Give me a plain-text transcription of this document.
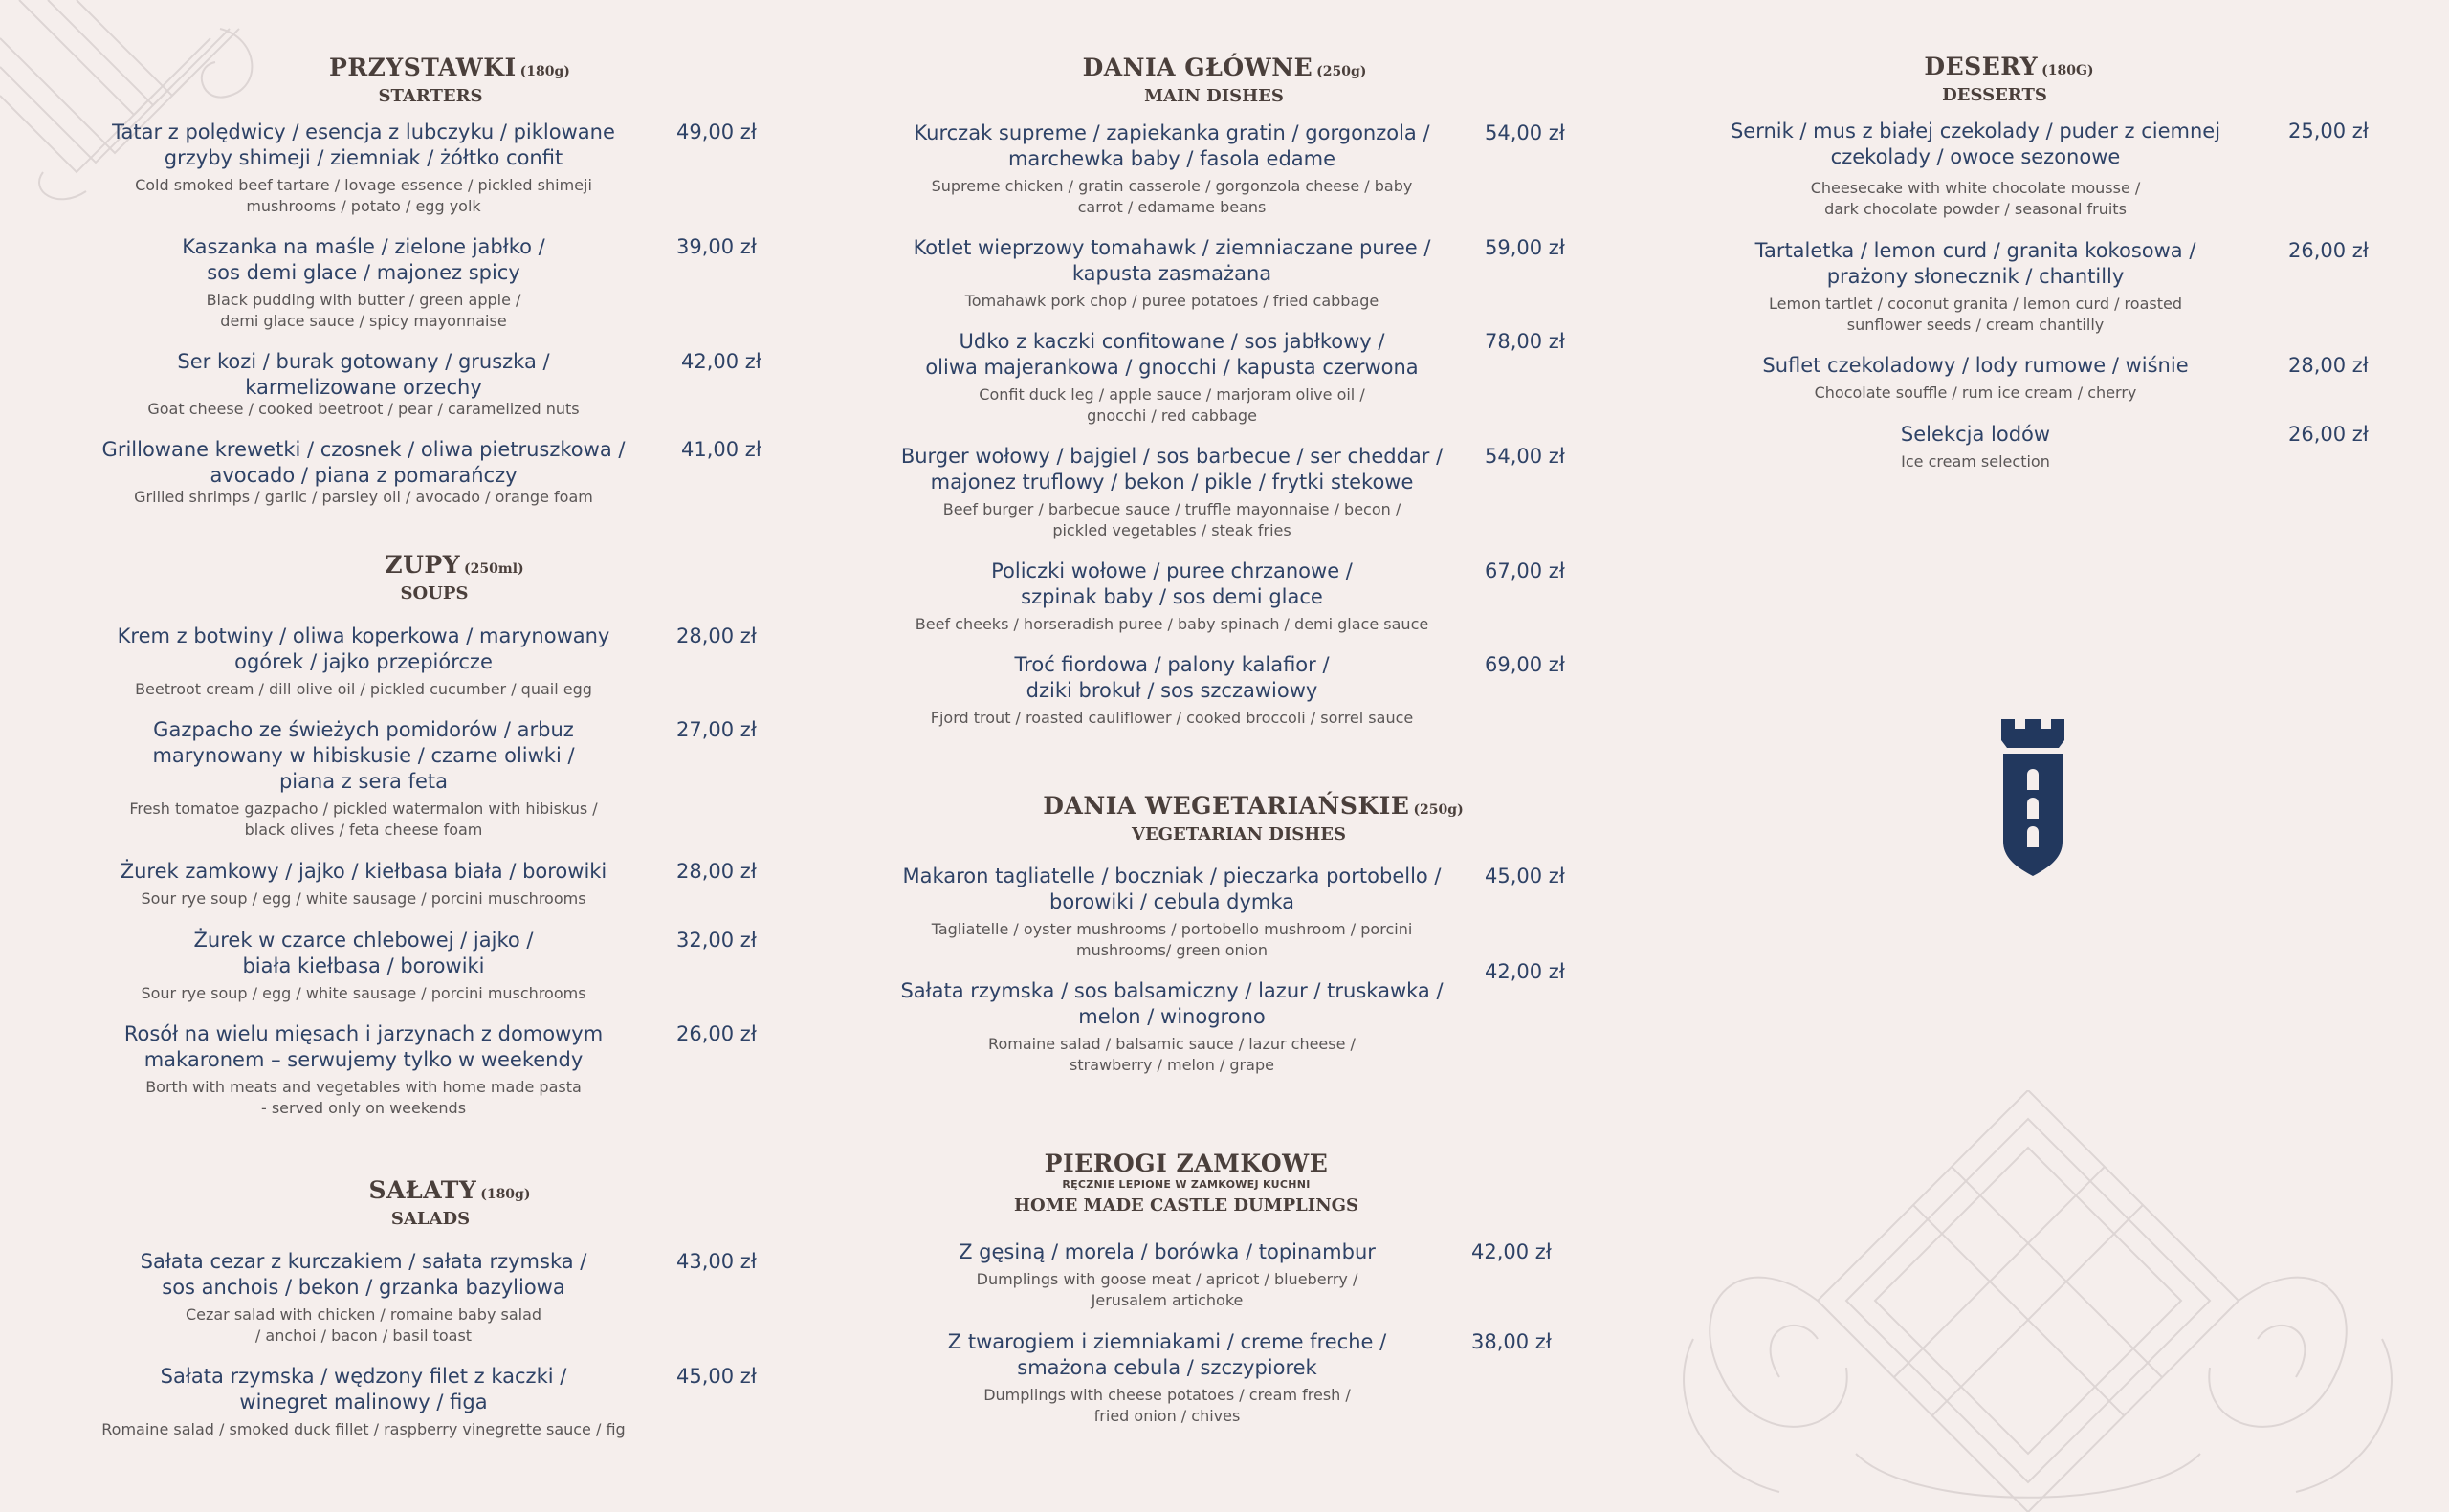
PRZYSTAWKI (180g)
STARTERS
Tatar z polędwicy / esencja z lubczyku / piklowane
grzyby shimeji / ziemniak / żółtko confit
Cold smoked beef tartare / lovage essence / pickled shimeji
mushrooms / potato / egg yolk
49,00 zł
Kaszanka na maśle / zielone jabłko /
sos demi glace / majonez spicy
Black pudding with butter / green apple /
demi glace sauce / spicy mayonnaise
39,00 zł
Ser kozi / burak gotowany / gruszka /
karmelizowane orzechy
Goat cheese / cooked beetroot / pear / caramelized nuts
42,00 zł
Grillowane krewetki / czosnek / oliwa pietruszkowa /
avocado / piana z pomarańczy
Grilled shrimps / garlic / parsley oil / avocado / orange foam
41,00 zł
ZUPY (250ml)
SOUPS
Krem z botwiny / oliwa koperkowa / marynowany
ogórek / jajko przepiórcze
Beetroot cream / dill olive oil / pickled cucumber / quail egg
28,00 zł
Gazpacho ze świeżych pomidorów / arbuz
marynowany w hibiskusie / czarne oliwki /
piana z sera feta
Fresh tomatoe gazpacho / pickled watermalon with hibiskus /
black olives / feta cheese foam
27,00 zł
Żurek zamkowy / jajko / kiełbasa biała / borowiki
Sour rye soup / egg / white sausage / porcini muschrooms
28,00 zł
Żurek w czarce chlebowej / jajko /
biała kiełbasa / borowiki
Sour rye soup / egg / white sausage / porcini muschrooms
32,00 zł
Rosół na wielu mięsach i jarzynach z domowym
makaronem – serwujemy tylko w weekendy
Borth with meats and vegetables with home made pasta
- served only on weekends
26,00 zł
SAŁATY (180g)
SALADS
Sałata cezar z kurczakiem / sałata rzymska /
sos anchois / bekon / grzanka bazyliowa
Cezar salad with chicken / romaine baby salad
/ anchoi / bacon / basil toast
43,00 zł
Sałata rzymska / wędzony filet z kaczki /
winegret malinowy / figa
Romaine salad / smoked duck fillet / raspberry vinegrette sauce / fig
45,00 zł
DANIA GŁÓWNE (250g)
MAIN DISHES
Kurczak supreme / zapiekanka gratin / gorgonzola /
marchewka baby / fasola edame
Supreme chicken / gratin casserole / gorgonzola cheese / baby
carrot / edamame beans
54,00 zł
Kotlet wieprzowy tomahawk / ziemniaczane puree /
kapusta zasmażana
Tomahawk pork chop / puree potatoes / fried cabbage
59,00 zł
Udko z kaczki confitowane / sos jabłkowy /
oliwa majerankowa / gnocchi / kapusta czerwona
Confit duck leg / apple sauce / marjoram olive oil /
gnocchi / red cabbage
78,00 zł
Burger wołowy / bajgiel / sos barbecue / ser cheddar /
majonez truflowy / bekon / pikle / frytki stekowe
Beef burger / barbecue sauce / truffle mayonnaise / becon /
pickled vegetables / steak fries
54,00 zł
Policzki wołowe / puree chrzanowe /
szpinak baby / sos demi glace
Beef cheeks / horseradish puree / baby spinach / demi glace sauce
67,00 zł
Troć fiordowa / palony kalafior /
dziki brokuł / sos szczawiowy
Fjord trout / roasted cauliflower / cooked broccoli / sorrel sauce
69,00 zł
DANIA WEGETARIAŃSKIE (250g)
VEGETARIAN DISHES
Makaron tagliatelle / boczniak / pieczarka portobello /
borowiki / cebula dymka
Tagliatelle / oyster mushrooms / portobello mushroom / porcini
mushrooms/ green onion
45,00 zł
Sałata rzymska / sos balsamiczny / lazur / truskawka /
melon / winogrono
Romaine salad / balsamic sauce / lazur cheese /
strawberry / melon / grape
42,00 zł
PIEROGI ZAMKOWE
RĘCZNIE LEPIONE W ZAMKOWEJ KUCHNI
HOME MADE CASTLE DUMPLINGS
Z gęsiną / morela / borówka / topinambur
Dumplings with goose meat / apricot / blueberry /
Jerusalem artichoke
42,00 zł
Z twarogiem i ziemniakami / creme freche /
smażona cebula / szczypiorek
Dumplings with cheese potatoes / cream fresh /
fried onion / chives
38,00 zł
DESERY (180G)
DESSERTS
Sernik / mus z białej czekolady / puder z ciemnej
czekolady / owoce sezonowe
Cheesecake with white chocolate mousse /
dark chocolate powder / seasonal fruits
25,00 zł
Tartaletka / lemon curd / granita kokosowa /
prażony słonecznik / chantilly
Lemon tartlet / coconut granita / lemon curd / roasted
sunflower seeds / cream chantilly
26,00 zł
Suflet czekoladowy / lody rumowe / wiśnie
Chocolate souffle / rum ice cream / cherry
28,00 zł
Selekcja lodów
Ice cream selection
26,00 zł
